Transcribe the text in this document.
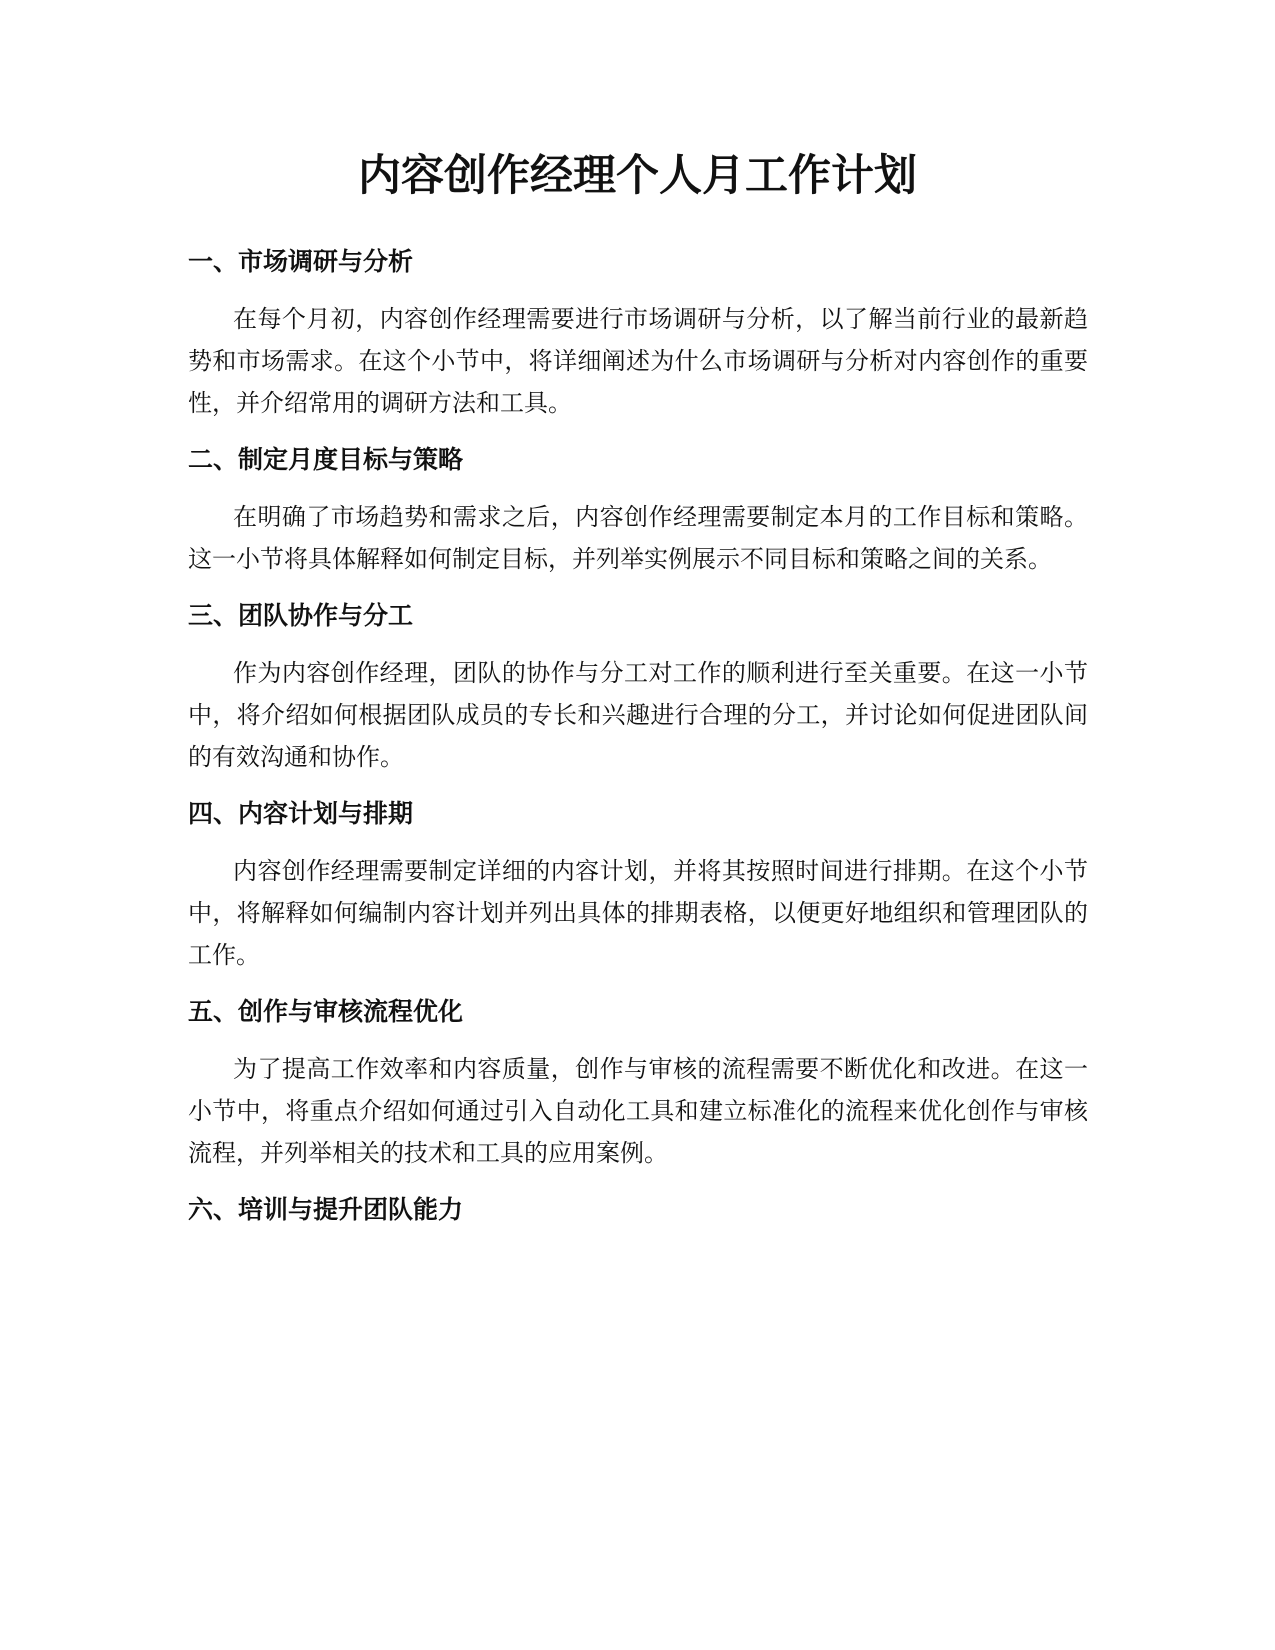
内容创作经理个人月工作计划
一、市场调研与分析

在每个月初，内容创作经理需要进行市场调研与分析，以了解当前行业的最新趋势和市场需求。在这个小节中，将详细阐述为什么市场调研与分析对内容创作的重要性，并介绍常用的调研方法和工具。

二、制定月度目标与策略

在明确了市场趋势和需求之后，内容创作经理需要制定本月的工作目标和策略。这一小节将具体解释如何制定目标，并列举实例展示不同目标和策略之间的关系。

三、团队协作与分工

作为内容创作经理，团队的协作与分工对工作的顺利进行至关重要。在这一小节中，将介绍如何根据团队成员的专长和兴趣进行合理的分工，并讨论如何促进团队间的有效沟通和协作。

四、内容计划与排期

内容创作经理需要制定详细的内容计划，并将其按照时间进行排期。在这个小节中，将解释如何编制内容计划并列出具体的排期表格，以便更好地组织和管理团队的工作。

五、创作与审核流程优化

为了提高工作效率和内容质量，创作与审核的流程需要不断优化和改进。在这一小节中，将重点介绍如何通过引入自动化工具和建立标准化的流程来优化创作与审核流程，并列举相关的技术和工具的应用案例。

六、培训与提升团队能力
